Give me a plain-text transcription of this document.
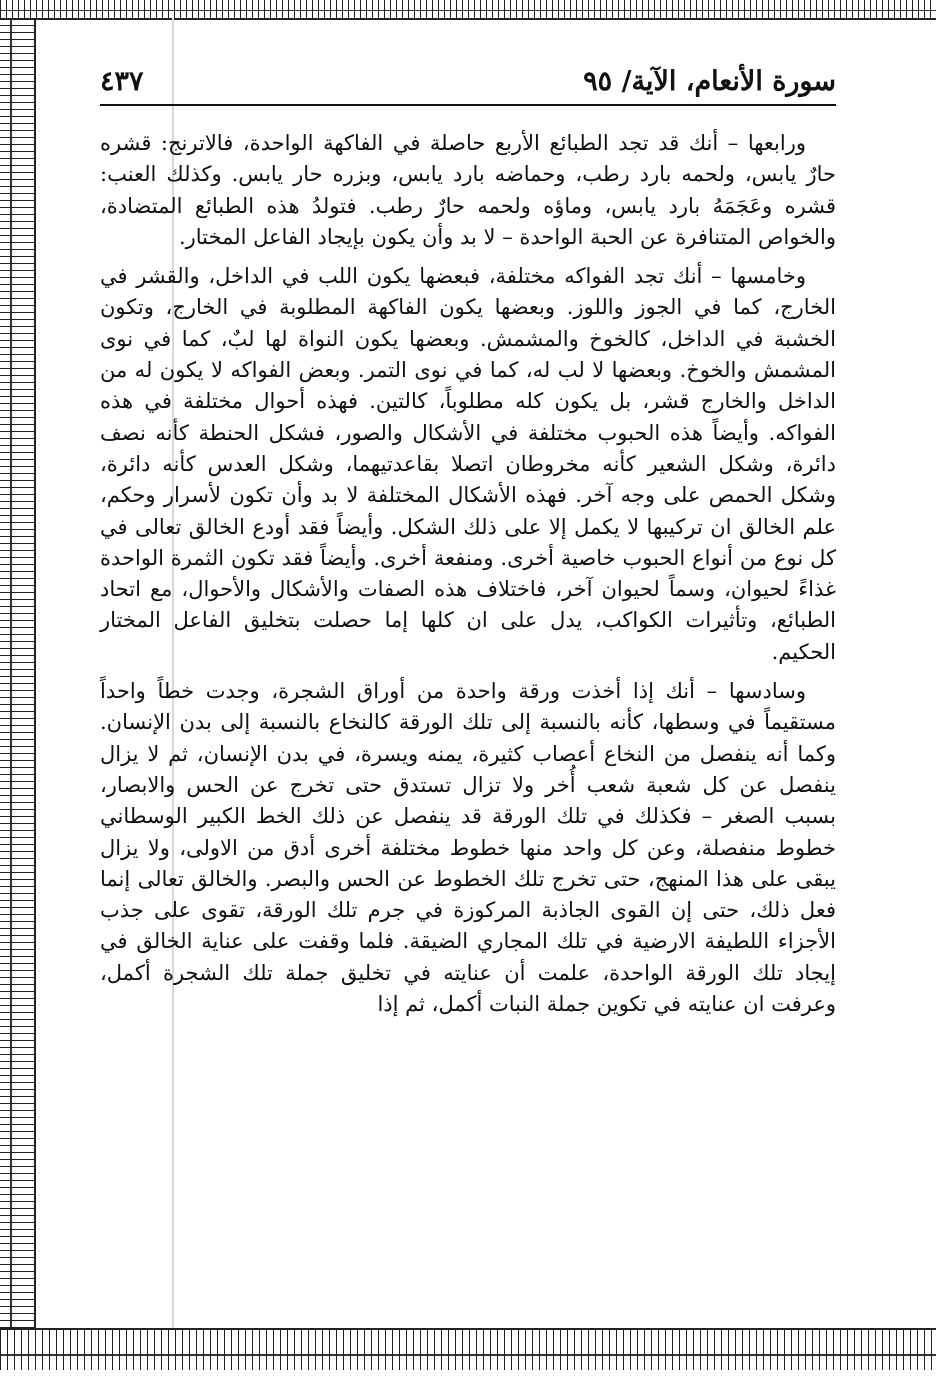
سورة الأنعام، الآية/ ٩٥
٤٣٧

ورابعها – أنك قد تجد الطبائع الأربع حاصلة في الفاكهة الواحدة، فالاترنج: قشره حارٌ يابس، ولحمه بارد رطب، وحماضه بارد يابس، وبزره حار يابس. وكذلك العنب: قشره وعَجَمَهُ بارد يابس، وماؤه ولحمه حارٌ رطب. فتولدُ هذه الطبائع المتضادة، والخواص المتنافرة عن الحبة الواحدة – لا بد وأن يكون بإيجاد الفاعل المختار.

وخامسها – أنك تجد الفواكه مختلفة، فبعضها يكون اللب في الداخل، والقشر في الخارج، كما في الجوز واللوز. وبعضها يكون الفاكهة المطلوبة في الخارج، وتكون الخشبة في الداخل، كالخوخ والمشمش. وبعضها يكون النواة لها لبٌ، كما في نوى المشمش والخوخ. وبعضها لا لب له، كما في نوى التمر. وبعض الفواكه لا يكون له من الداخل والخارج قشر، بل يكون كله مطلوباً، كالتين. فهذه أحوال مختلفة في هذه الفواكه. وأيضاً هذه الحبوب مختلفة في الأشكال والصور، فشكل الحنطة كأنه نصف دائرة، وشكل الشعير كأنه مخروطان اتصلا بقاعدتيهما، وشكل العدس كأنه دائرة، وشكل الحمص على وجه آخر. فهذه الأشكال المختلفة لا بد وأن تكون لأسرار وحكم، علم الخالق ان تركيبها لا يكمل إلا على ذلك الشكل. وأيضاً فقد أودع الخالق تعالى في كل نوع من أنواع الحبوب خاصية أخرى. ومنفعة أخرى. وأيضاً فقد تكون الثمرة الواحدة غذاءً لحيوان، وسماً لحيوان آخر، فاختلاف هذه الصفات والأشكال والأحوال، مع اتحاد الطبائع، وتأثيرات الكواكب، يدل على ان كلها إما حصلت بتخليق الفاعل المختار الحكيم.

وسادسها – أنك إذا أخذت ورقة واحدة من أوراق الشجرة، وجدت خطاً واحداً مستقيماً في وسطها، كأنه بالنسبة إلى تلك الورقة كالنخاع بالنسبة إلى بدن الإنسان. وكما أنه ينفصل من النخاع أعصاب كثيرة، يمنه ويسرة، في بدن الإنسان، ثم لا يزال ينفصل عن كل شعبة شعب أُخر ولا تزال تستدق حتى تخرج عن الحس والابصار، بسبب الصغر – فكذلك في تلك الورقة قد ينفصل عن ذلك الخط الكبير الوسطاني خطوط منفصلة، وعن كل واحد منها خطوط مختلفة أخرى أدق من الاولى، ولا يزال يبقى على هذا المنهج، حتى تخرج تلك الخطوط عن الحس والبصر. والخالق تعالى إنما فعل ذلك، حتى إن القوى الجاذبة المركوزة في جرم تلك الورقة، تقوى على جذب الأجزاء اللطيفة الارضية في تلك المجاري الضيقة. فلما وقفت على عناية الخالق في إيجاد تلك الورقة الواحدة، علمت أن عنايته في تخليق جملة تلك الشجرة أكمل، وعرفت ان عنايته في تكوين جملة النبات أكمل، ثم إذا
